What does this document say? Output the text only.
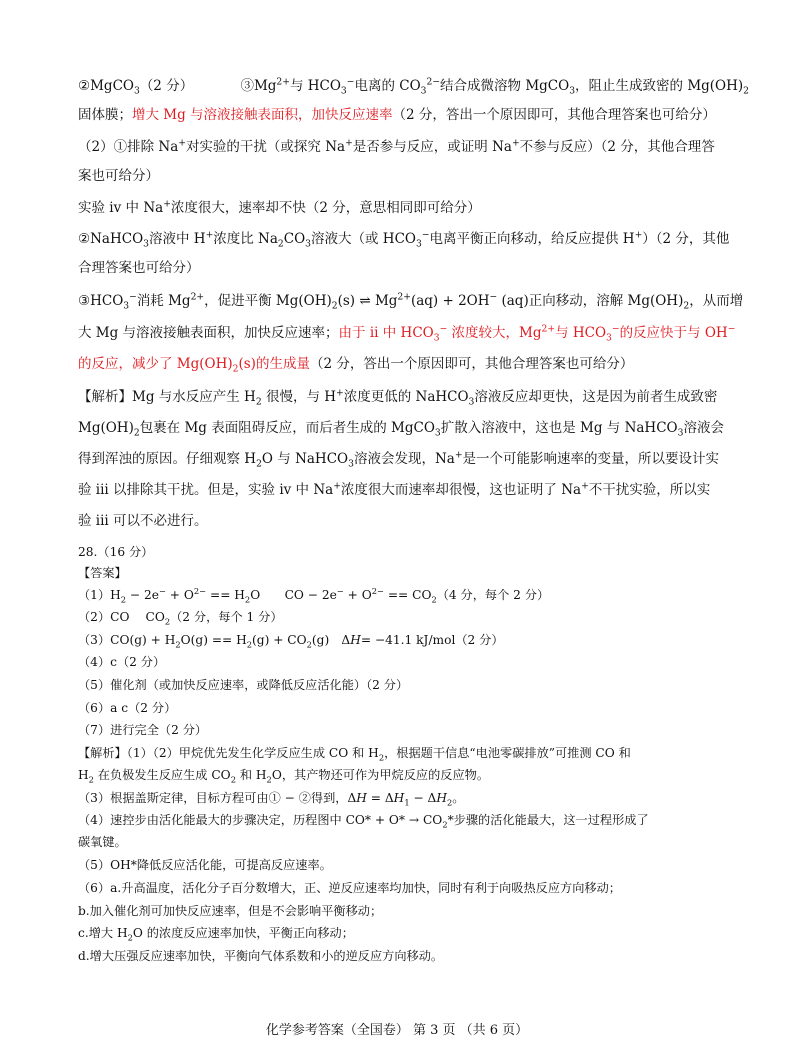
②MgCO$_3$（2 分）　　　　$③Mg^{2+}$与 $HCO_3^-$电离的 $CO_3^{2-}$结合成微溶物 MgCO$_3$，阻止生成致密的 $Mg(OH)_2$
固体膜；增大 Mg 与溶液接触表面积，加快反应速率（2 分，答出一个原因即可，其他合理答案也可给分）
（2）①排除 Na+对实验的干扰（或探究 Na+是否参与反应，或证明 Na+不参与反应）（2 分，其他合理答
案也可给分）
实验 iv 中 Na+浓度很大，速率却不快（2 分，意思相同即可给分）
②NaHCO$_3$溶液中 H+浓度比 $Na_2CO_3$溶液大（或 $HCO_3^-$电离平衡正向移动，给反应提供 H+）（2 分，其他
合理答案也可给分）
$③HCO_3^-$消耗 $Mg^{2+}$，促进平衡 $Mg(OH)_2(s)$ ⇌ $Mg^{2+}(aq) + 2OH^-$ (aq)正向移动，溶解 $Mg(OH)_2$，从而增
大 Mg 与溶液接触表面积，加快反应速率；由于 ii 中 $HCO_3^-$ 浓度较大，$Mg^{2+}$与 $HCO_3^-$的反应快于与 OH−
的反应，减少了 $Mg(OH)_2(s)$的生成量（2 分，答出一个原因即可，其他合理答案也可给分）
【解析】Mg 与水反应产生 $H_2$ 很慢，与 H+浓度更低的 NaHCO$_3$溶液反应却更快，这是因为前者生成致密
$Mg(OH)_2$包裹在 Mg 表面阻碍反应，而后者生成的 MgCO$_3$扩散入溶液中，这也是 Mg 与 NaHCO$_3$溶液会
得到浑浊的原因。仔细观察 $H_2O$ 与 NaHCO$_3$溶液会发现，Na+是一个可能影响速率的变量，所以要设计实
验 iii 以排除其干扰。但是，实验 iv 中 Na+浓度很大而速率却很慢，这也证明了 Na+不干扰实验，所以实
验 iii 可以不必进行。
28.（16 分）
【答案】
$(1)H_2 - 2e^- + O^{2-} == H_2O$　　CO − $2e^- + O^{2-} == CO_2(4$ 分，每个 2 分）
（2）CO　 $CO_2(2$ 分，每个 1 分）
$(3)CO(g) + H_2O(g) == H_2(g) + CO_2(g)$　ΔH= −41.1 kJ/mol（2 分）
（4）c（2 分）
（5）催化剂（或加快反应速率，或降低反应活化能）（2 分）
（6）a c（2 分）
（7）进行完全（2 分）
【解析】（1）（2）甲烷优先发生化学反应生成 CO 和 $H_2$，根据题干信息“电池零碳排放”可推测 CO 和
$H_2$ 在负极发生反应生成 $CO_2$ 和 $H_2O$，其产物还可作为甲烷反应的反应物。
（3）根据盖斯定律，目标方程可由① − ②得到，$\Delta H = \Delta H_1 - \Delta H_2$。
（4）速控步由活化能最大的步骤决定，历程图中 $CO* + O* \to CO_2*$步骤的活化能最大，这一过程形成了
碳氧键。
（5）OH*降低反应活化能，可提高反应速率。
（6）a.升高温度，活化分子百分数增大，正、逆反应速率均加快，同时有利于向吸热反应方向移动；
b.加入催化剂可加快反应速率，但是不会影响平衡移动；
c.增大 $H_2O$ 的浓度反应速率加快，平衡正向移动；
d.增大压强反应速率加快，平衡向气体系数和小的逆反应方向移动。
化学参考答案（全国卷） 第 3 页 （共 6 页）
